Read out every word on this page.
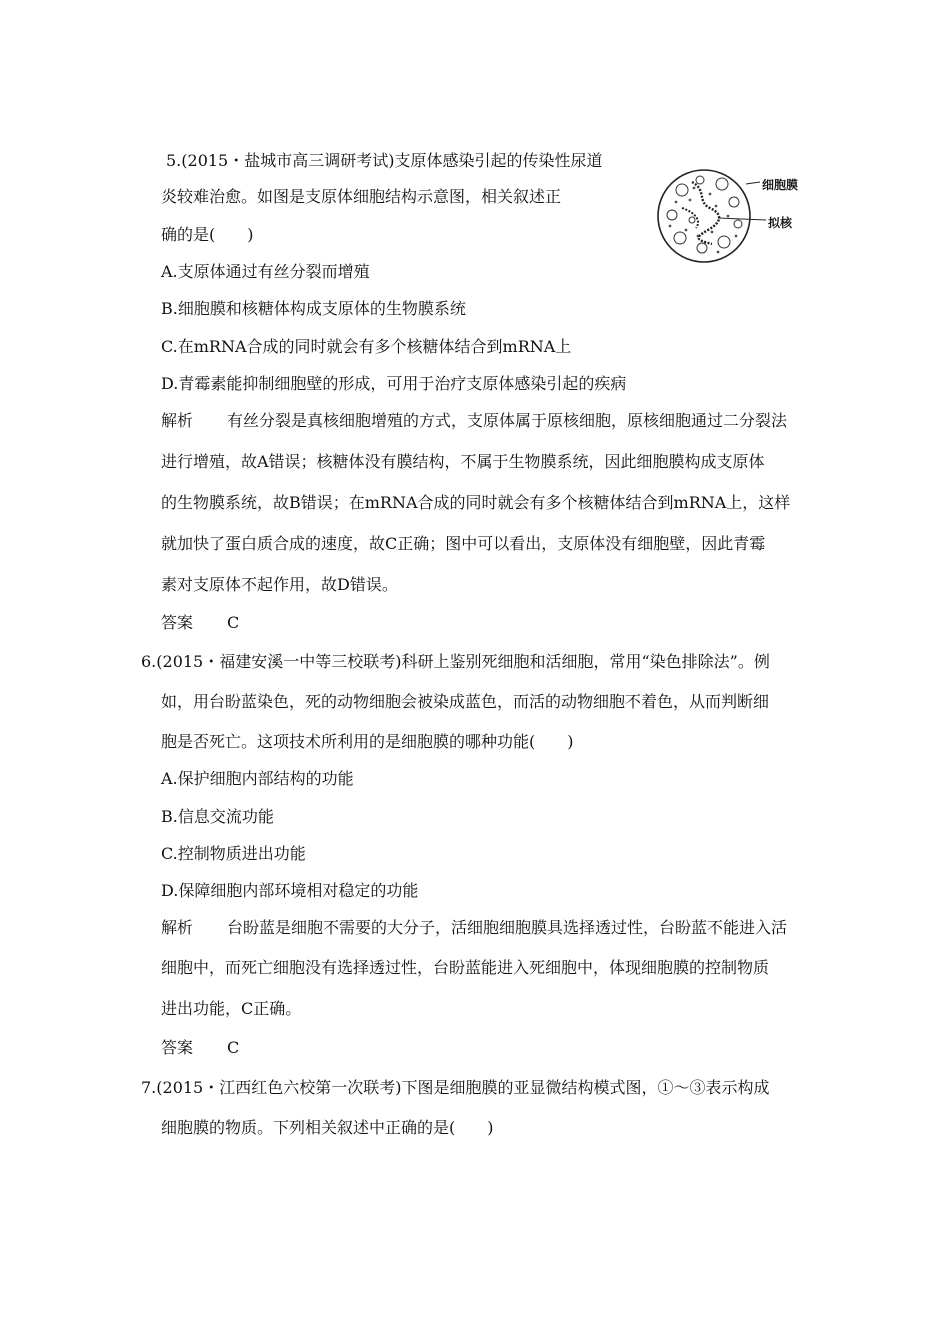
5.(2015・盐城市高三调研考试)支原体感染引起的传染性尿道
炎较难治愈。如图是支原体细胞结构示意图，相关叙述正
确的是(　　)
A.支原体通过有丝分裂而增殖
B.细胞膜和核糖体构成支原体的生物膜系统
C.在mRNA合成的同时就会有多个核糖体结合到mRNA上
D.青霉素能抑制细胞壁的形成，可用于治疗支原体感染引起的疾病
解析 有丝分裂是真核细胞增殖的方式，支原体属于原核细胞，原核细胞通过二分裂法
进行增殖，故A错误；核糖体没有膜结构，不属于生物膜系统，因此细胞膜构成支原体
的生物膜系统，故B错误；在mRNA合成的同时就会有多个核糖体结合到mRNA上，这样
就加快了蛋白质合成的速度，故C正确；图中可以看出，支原体没有细胞壁，因此青霉
素对支原体不起作用，故D错误。
答案 C
细胞膜
拟核
6.(2015・福建安溪一中等三校联考)科研上鉴别死细胞和活细胞，常用“染色排除法”。例
如，用台盼蓝染色，死的动物细胞会被染成蓝色，而活的动物细胞不着色，从而判断细
胞是否死亡。这项技术所利用的是细胞膜的哪种功能(　　)
A.保护细胞内部结构的功能
B.信息交流功能
C.控制物质进出功能
D.保障细胞内部环境相对稳定的功能
解析 台盼蓝是细胞不需要的大分子，活细胞细胞膜具选择透过性，台盼蓝不能进入活
细胞中，而死亡细胞没有选择透过性，台盼蓝能进入死细胞中，体现细胞膜的控制物质
进出功能，C正确。
答案 C
7.(2015・江西红色六校第一次联考)下图是细胞膜的亚显微结构模式图，①～③表示构成
细胞膜的物质。下列相关叙述中正确的是(　　)
